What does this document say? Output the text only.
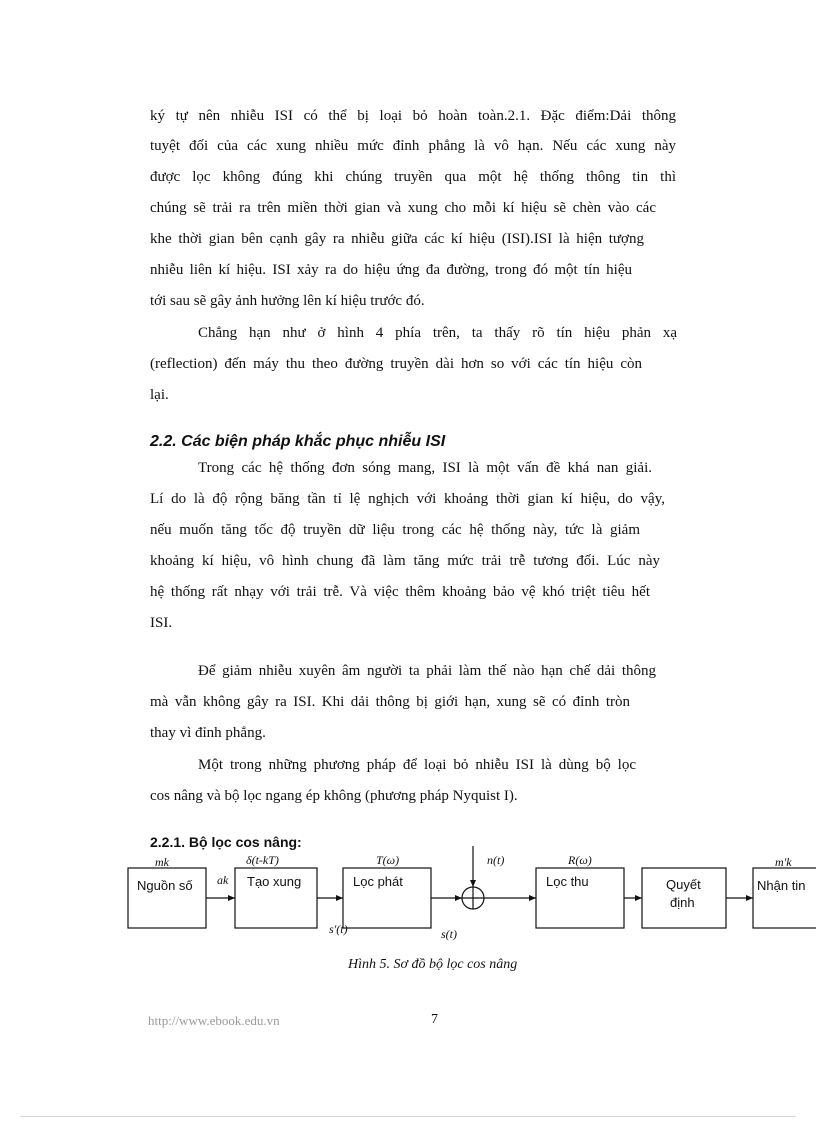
ký tự nên nhiễu ISI có thể bị loại bỏ hoàn toàn.2.1. Đặc điểm:Dải thông
tuyệt đối của các xung nhiều mức đỉnh phẳng là vô hạn. Nếu các xung này
được lọc không đúng khi chúng truyền qua một hệ thống thông tin thì
chúng sẽ trải ra trên miền thời gian và xung cho mỗi kí hiệu sẽ chèn vào các
khe thời gian bên cạnh gây ra nhiễu giữa các kí hiệu (ISI).ISI là hiện tượng
nhiễu liên kí hiệu. ISI xảy ra do hiệu ứng đa đường, trong đó một tín hiệu
tới sau sẽ gây ảnh hưởng lên kí hiệu trước đó.
Chẳng hạn như ở hình 4 phía trên, ta thấy rõ tín hiệu phản xạ
(reflection) đến máy thu theo đường truyền dài hơn so với các tín hiệu còn
lại.
2.2. Các biện pháp khắc phục nhiễu ISI
Trong các hệ thống đơn sóng mang, ISI là một vấn đề khá nan giải.
Lí do là độ rộng băng tần tỉ lệ nghịch với khoảng thời gian kí hiệu, do vậy,
nếu muốn tăng tốc độ truyền dữ liệu trong các hệ thống này, tức là giảm
khoảng kí hiệu, vô hình chung đã làm tăng mức trải trễ tương đối. Lúc này
hệ thống rất nhạy với trải trễ. Và việc thêm khoảng bảo vệ khó triệt tiêu hết
ISI.
Để giảm nhiễu xuyên âm người ta phải làm thế nào hạn chế dải thông
mà vẫn không gây ra ISI. Khi dải thông bị giới hạn, xung sẽ có đỉnh tròn
thay vì đỉnh phẳng.
Một trong những phương pháp để loại bỏ nhiễu ISI là dùng bộ lọc
cos nâng và bộ lọc ngang ép không (phương pháp Nyquist I).
2.2.1. Bộ lọc cos nâng:
Nguồn số	Tạo xung	Lọc phát	Lọc thu	Quyết
định
Nhận tin
mk
ak
δ(t-kT)	T(ω)	n(t)	R(ω)
s'(t)	s(t)
m'k
Hình 5. Sơ đồ bộ lọc cos nâng
http://www.ebook.edu.vn	7
